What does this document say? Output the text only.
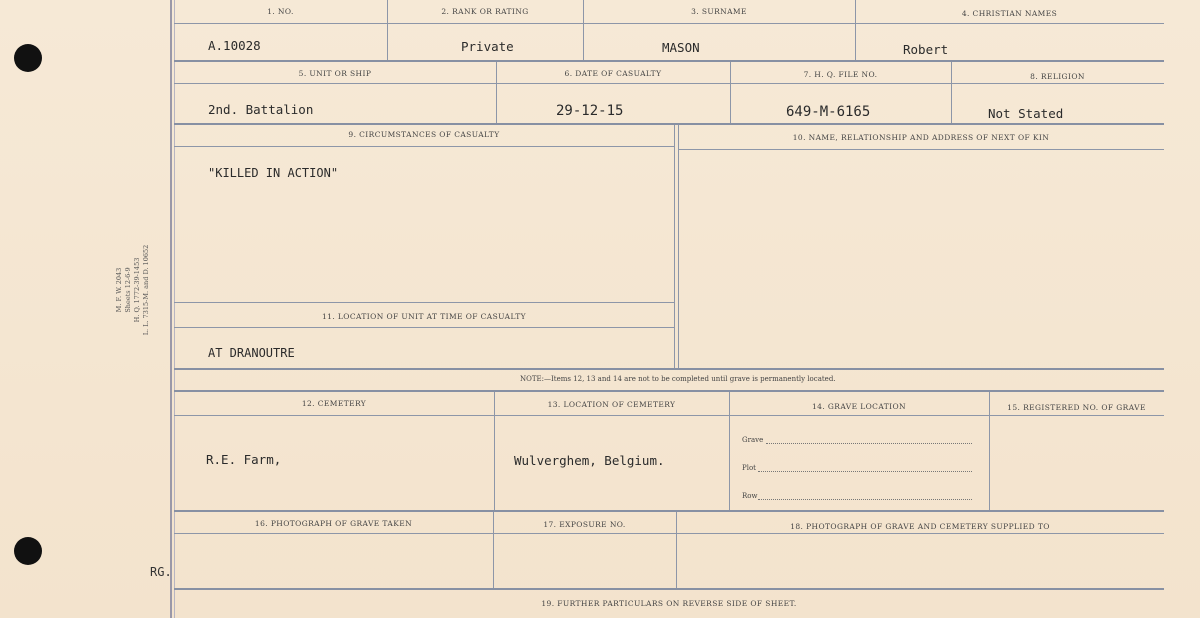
M. F. W. 2043 Sheets 12-6-9 H. Q. 1772-39-1453 L. L. 7315-M. and D. 10652
RG.
1. NO.	2. RANK OR RATING	3. SURNAME	4. CHRISTIAN NAMES
A.10028	Private	MASON	Robert
5. UNIT OR SHIP	6. DATE OF CASUALTY	7. H. Q. FILE NO.	8. RELIGION
2nd. Battalion	29-12-15	649-M-6165	Not Stated
9. CIRCUMSTANCES OF CASUALTY	10. NAME, RELATIONSHIP AND ADDRESS OF NEXT OF KIN
"KILLED IN ACTION"
11. LOCATION OF UNIT AT TIME OF CASUALTY
AT DRANOUTRE
NOTE:—Items 12, 13 and 14 are not to be completed until grave is permanently located.
12. CEMETERY	13. LOCATION OF CEMETERY	14. GRAVE LOCATION	15. REGISTERED NO. OF GRAVE
R.E. Farm,	Wulverghem, Belgium.
Grave
Plot
Row
16. PHOTOGRAPH OF GRAVE TAKEN	17. EXPOSURE NO.	18. PHOTOGRAPH OF GRAVE AND CEMETERY SUPPLIED TO
19. FURTHER PARTICULARS ON REVERSE SIDE OF SHEET.
